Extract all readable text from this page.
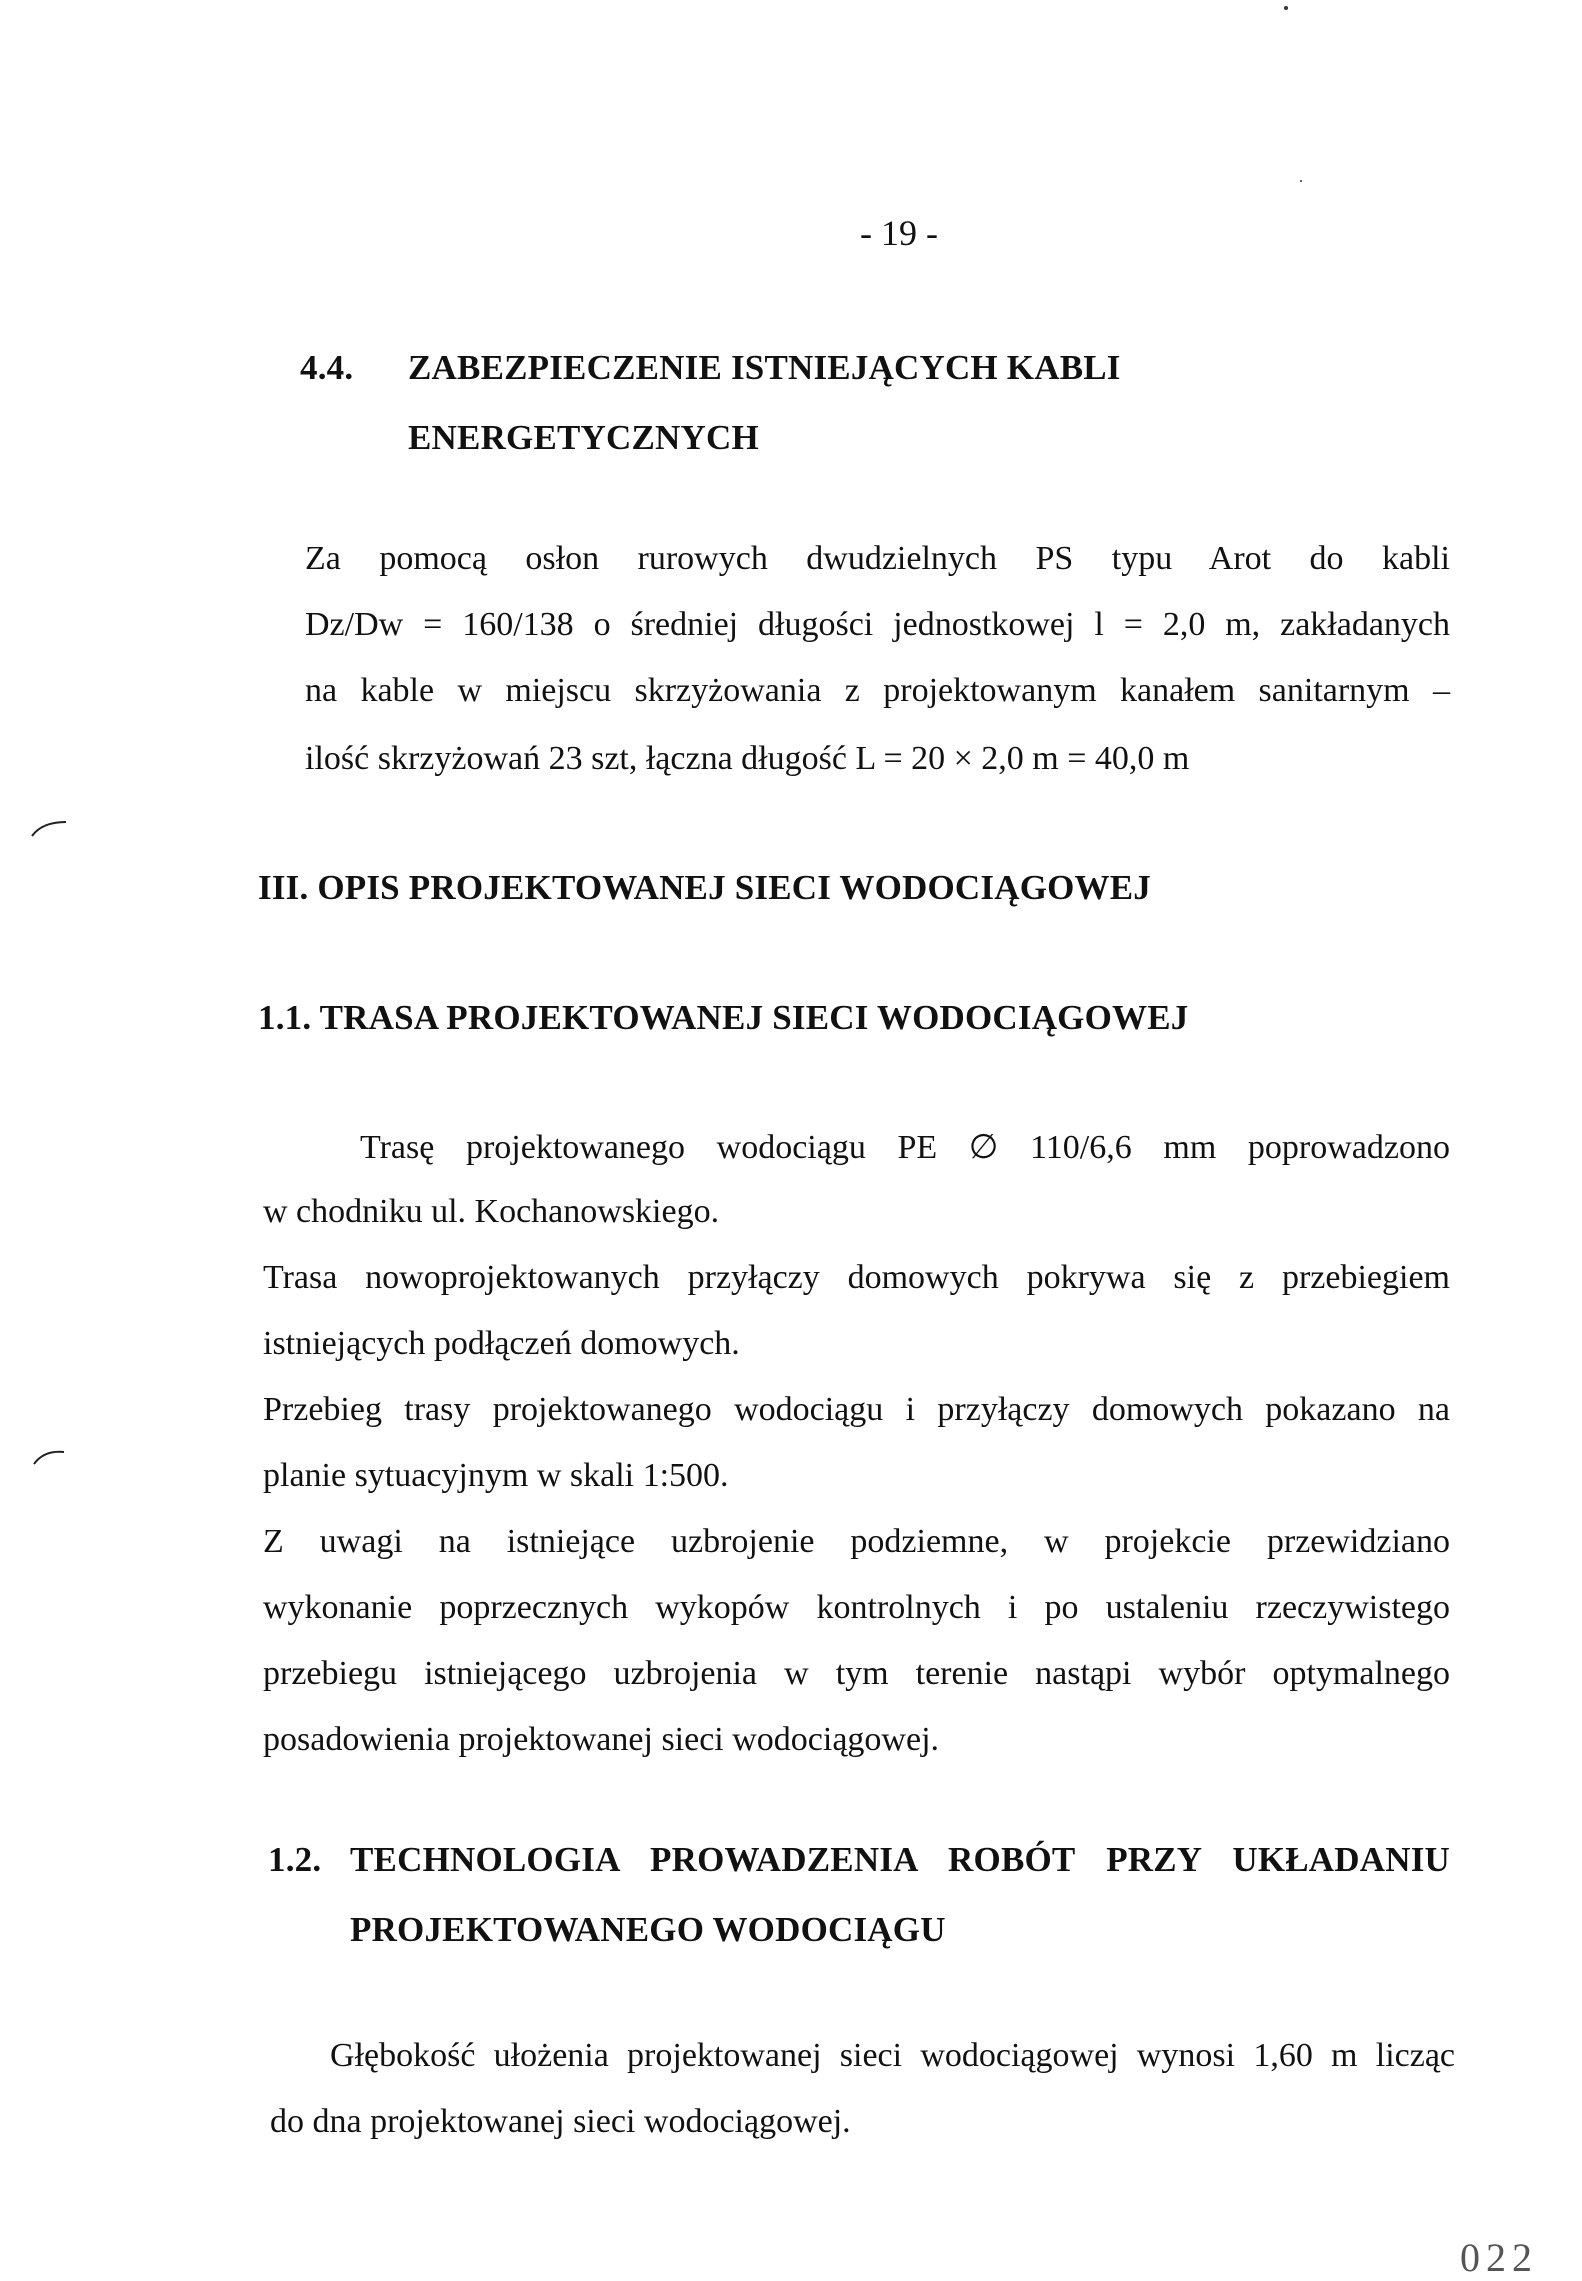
- 19 -
4.4. ZABEZPIECZENIE ISTNIEJĄCYCH KABLI
ENERGETYCZNYCH
Za pomocą osłon rurowych dwudzielnych PS typu Arot do kabli
Dz/Dw = 160/138 o średniej długości jednostkowej l = 2,0 m, zakładanych
na kable w miejscu skrzyżowania z projektowanym kanałem sanitarnym –
ilość skrzyżowań 23 szt, łączna długość L = 20 × 2,0 m = 40,0 m
III. OPIS PROJEKTOWANEJ SIECI WODOCIĄGOWEJ
1.1. TRASA PROJEKTOWANEJ SIECI WODOCIĄGOWEJ
Trasę projektowanego wodociągu PE ∅ 110/6,6 mm poprowadzono
w chodniku ul. Kochanowskiego.
Trasa nowoprojektowanych przyłączy domowych pokrywa się z przebiegiem
istniejących podłączeń domowych.
Przebieg trasy projektowanego wodociągu i przyłączy domowych pokazano na
planie sytuacyjnym w skali 1:500.
Z uwagi na istniejące uzbrojenie podziemne, w projekcie przewidziano
wykonanie poprzecznych wykopów kontrolnych i po ustaleniu rzeczywistego
przebiegu istniejącego uzbrojenia w tym terenie nastąpi wybór optymalnego
posadowienia projektowanej sieci wodociągowej.
1.2. TECHNOLOGIA PROWADZENIA ROBÓT PRZY UKŁADANIU
PROJEKTOWANEGO WODOCIĄGU
Głębokość ułożenia projektowanej sieci wodociągowej wynosi 1,60 m licząc
do dna projektowanej sieci wodociągowej.
022
